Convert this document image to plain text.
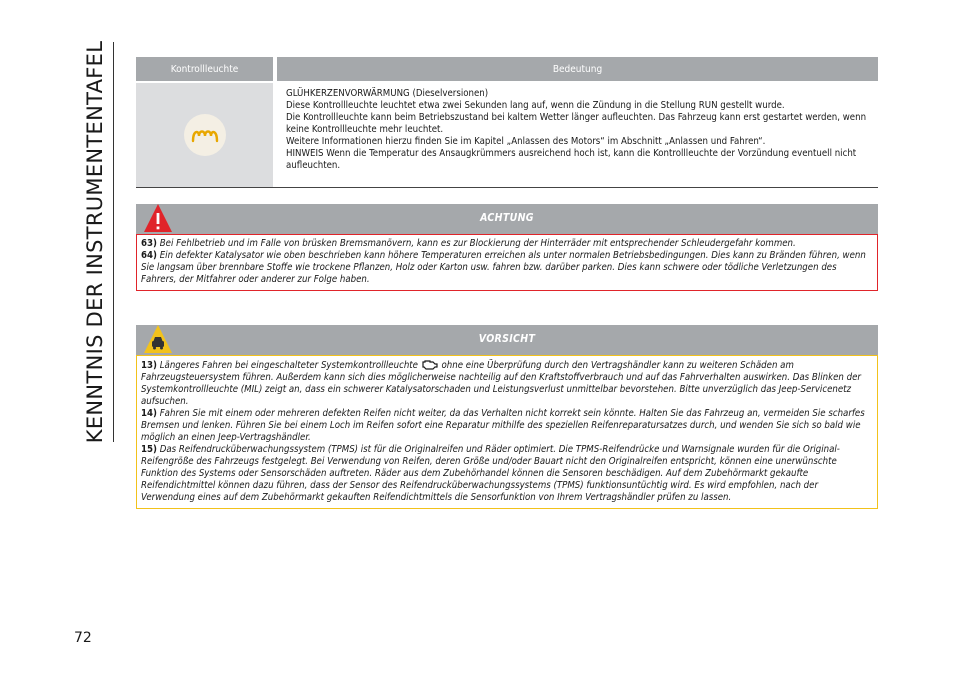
KENNTNIS DER INSTRUMENTENTAFEL
72
Kontrollleuchte	Bedeutung

GLÜHKERZENVORWÄRMUNG (Dieselversionen)

Diese Kontrollleuchte leuchtet etwa zwei Sekunden lang auf, wenn die Zündung in die Stellung RUN gestellt wurde.

Die Kontrollleuchte kann beim Betriebszustand bei kaltem Wetter länger aufleuchten. Das Fahrzeug kann erst gestartet werden, wenn keine Kontrollleuchte mehr leuchtet.

Weitere Informationen hierzu finden Sie im Kapitel „Anlassen des Motors“ im Abschnitt „Anlassen und Fahren“.

HINWEIS Wenn die Temperatur des Ansaugkrümmers ausreichend hoch ist, kann die Kontrollleuchte der Vorzündung eventuell nicht aufleuchten.

ACHTUNG

63) Bei Fehlbetrieb und im Falle von brüsken Bremsmanövern, kann es zur Blockierung der Hinterräder mit entsprechender Schleudergefahr kommen.

64) Ein defekter Katalysator wie oben beschrieben kann höhere Temperaturen erreichen als unter normalen Betriebsbedingungen. Dies kann zu Bränden führen, wenn Sie langsam über brennbare Stoffe wie trockene Pflanzen, Holz oder Karton usw. fahren bzw. darüber parken. Dies kann schwere oder tödliche Verletzungen des Fahrers, der Mitfahrer oder anderer zur Folge haben.

VORSICHT

13) Längeres Fahren bei eingeschalteter Systemkontrollleuchte ohne eine Überprüfung durch den Vertragshändler kann zu weiteren Schäden am Fahrzeugsteuersystem führen. Außerdem kann sich dies möglicherweise nachteilig auf den Kraftstoffverbrauch und auf das Fahrverhalten auswirken. Das Blinken der Systemkontrollleuchte (MIL) zeigt an, dass ein schwerer Katalysatorschaden und Leistungsverlust unmittelbar bevorstehen. Bitte unverzüglich das Jeep-Servicenetz aufsuchen.

14) Fahren Sie mit einem oder mehreren defekten Reifen nicht weiter, da das Verhalten nicht korrekt sein könnte. Halten Sie das Fahrzeug an, vermeiden Sie scharfes Bremsen und lenken. Führen Sie bei einem Loch im Reifen sofort eine Reparatur mithilfe des speziellen Reifenreparatursatzes durch, und wenden Sie sich so bald wie möglich an einen Jeep-Vertragshändler.

15) Das Reifendrucküberwachungssystem (TPMS) ist für die Originalreifen und Räder optimiert. Die TPMS-Reifendrücke und Warnsignale wurden für die Original-Reifengröße des Fahrzeugs festgelegt. Bei Verwendung von Reifen, deren Größe und/oder Bauart nicht den Originalreifen entspricht, können eine unerwünschte Funktion des Systems oder Sensorschäden auftreten. Räder aus dem Zubehörhandel können die Sensoren beschädigen. Auf dem Zubehörmarkt gekaufte Reifendichtmittel können dazu führen, dass der Sensor des Reifendrucküberwachungssystems (TPMS) funktionsuntüchtig wird. Es wird empfohlen, nach der Verwendung eines auf dem Zubehörmarkt gekauften Reifendichtmittels die Sensorfunktion von Ihrem Vertragshändler prüfen zu lassen.
